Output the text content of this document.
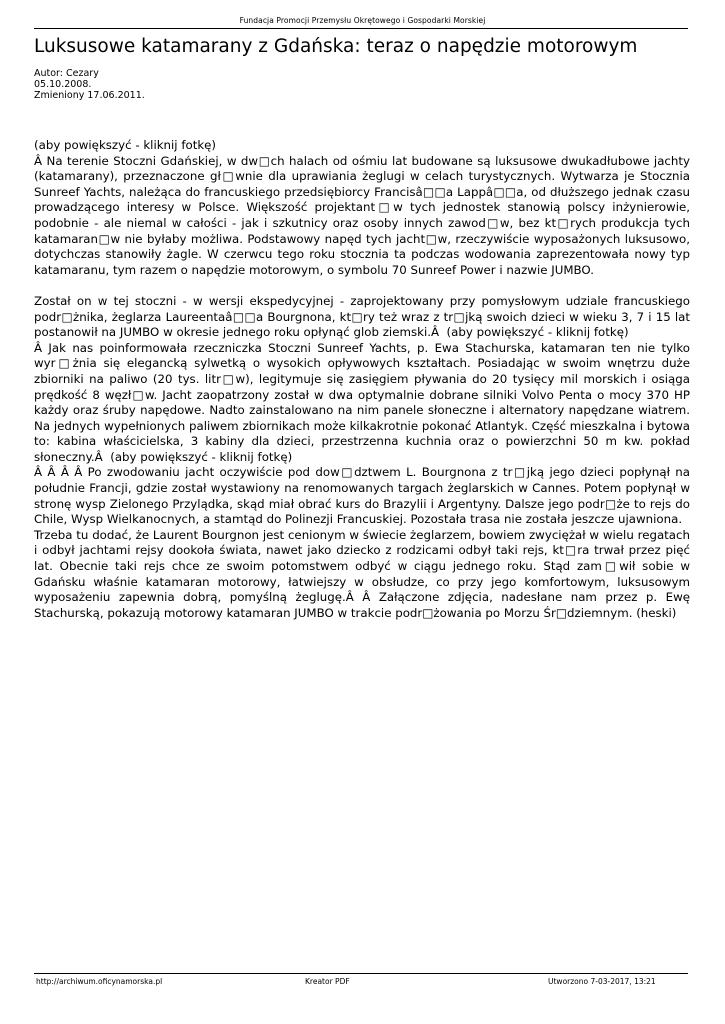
Fundacja Promocji Przemysłu Okrętowego i Gospodarki Morskiej
Luksusowe katamarany z Gdańska: teraz o napędzie motorowym
Autor: Cezary
05.10.2008.
Zmieniony 17.06.2011.

(aby powiększyć - kliknij fotkę)
Â Na terenie Stoczni Gdańskiej, w dw□ch halach od ośmiu lat budowane są luksusowe dwukadłubowe jachty (katamarany), przeznaczone gł□wnie dla uprawiania żeglugi w celach turystycznych. Wytwarza je Stocznia Sunreef Yachts, należąca do francuskiego przedsiębiorcy Francisâ□□a Lappâ□□a, od dłuższego jednak czasu prowadzącego interesy w Polsce. Większość projektant□w tych jednostek stanowią polscy inżynierowie, podobnie - ale niemal w całości - jak i szkutnicy oraz osoby innych zawod□w, bez kt□rych produkcja tych katamaran□w nie byłaby możliwa. Podstawowy napęd tych jacht□w, rzeczywiście wyposażonych luksusowo, dotychczas stanowiły żagle. W czerwcu tego roku stocznia ta podczas wodowania zaprezentowała nowy typ katamaranu, tym razem o napędzie motorowym, o symbolu 70 Sunreef Power i nazwie JUMBO.

Został on w tej stoczni - w wersji ekspedycyjnej - zaprojektowany przy pomysłowym udziale francuskiego podr□żnika, żeglarza Laureentaâ□□a Bourgnona, kt□ry też wraz z tr□jką swoich dzieci w wieku 3, 7 i 15 lat postanowił na JUMBO w okresie jednego roku opłynąć glob ziemski.Â  (aby powiększyć - kliknij fotkę)
Â Jak nas poinformowała rzeczniczka Stoczni Sunreef Yachts, p. Ewa Stachurska, katamaran ten nie tylko wyr□żnia się elegancką sylwetką o wysokich opływowych kształtach. Posiadając w swoim wnętrzu duże zbiorniki na paliwo (20 tys. litr□w), legitymuje się zasięgiem pływania do 20 tysięcy mil morskich i osiąga prędkość 8 węzł□w. Jacht zaopatrzony został w dwa optymalnie dobrane silniki Volvo Penta o mocy 370 HP każdy oraz śruby napędowe. Nadto zainstalowano na nim panele słoneczne i alternatory napędzane wiatrem. Na jednych wypełnionych paliwem zbiornikach może kilkakrotnie pokonać Atlantyk. Część mieszkalna i bytowa to: kabina właścicielska, 3 kabiny dla dzieci, przestrzenna kuchnia oraz o powierzchni 50 m kw. pokład słoneczny.Â  (aby powiększyć - kliknij fotkę)
Â Â Â Â Po zwodowaniu jacht oczywiście pod dow□dztwem L. Bourgnona z tr□jką jego dzieci popłynął na południe Francji, gdzie został wystawiony na renomowanych targach żeglarskich w Cannes. Potem popłynął w stronę wysp Zielonego Przylądka, skąd miał obrać kurs do Brazylii i Argentyny. Dalsze jego podr□że to rejs do Chile, Wysp Wielkanocnych, a stamtąd do Polinezji Francuskiej. Pozostała trasa nie została jeszcze ujawniona.
Trzeba tu dodać, że Laurent Bourgnon jest cenionym w świecie żeglarzem, bowiem zwyciężał w wielu regatach i odbył jachtami rejsy dookoła świata, nawet jako dziecko z rodzicami odbył taki rejs, kt□ra trwał przez pięć lat. Obecnie taki rejs chce ze swoim potomstwem odbyć w ciągu jednego roku. Stąd zam□wił sobie w Gdańsku właśnie katamaran motorowy, łatwiejszy w obsłudze, co przy jego komfortowym, luksusowym wyposażeniu zapewnia dobrą, pomyślną żeglugę.Â Â Załączone zdjęcia, nadesłane nam przez p. Ewę Stachurską, pokazują motorowy katamaran JUMBO w trakcie podr□żowania po Morzu Śr□dziemnym. (heski)

http://archiwum.oficynamorska.pl	Kreator PDF	Utworzono 7-03-2017, 13:21
